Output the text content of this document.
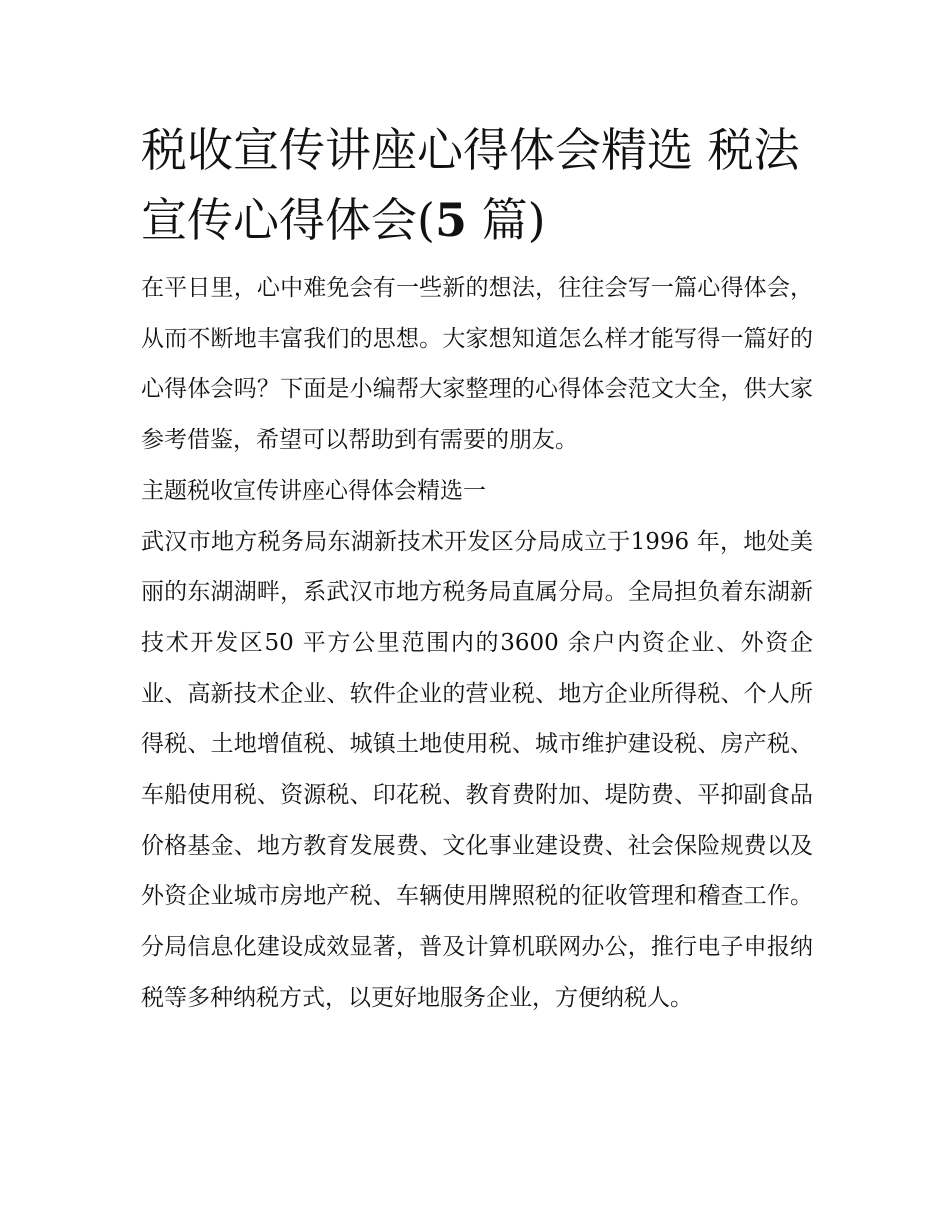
税收宣传讲座心得体会精选 税法宣传心得体会(5 篇)

在平日里，心中难免会有一些新的想法，往往会写一篇心得体会，从而不断地丰富我们的思想。大家想知道怎么样才能写得一篇好的心得体会吗？下面是小编帮大家整理的心得体会范文大全，供大家参考借鉴，希望可以帮助到有需要的朋友。

主题税收宣传讲座心得体会精选一

武汉市地方税务局东湖新技术开发区分局成立于1996 年，地处美丽的东湖湖畔，系武汉市地方税务局直属分局。全局担负着东湖新技术开发区50 平方公里范围内的3600 余户内资企业、外资企业、高新技术企业、软件企业的营业税、地方企业所得税、个人所得税、土地增值税、城镇土地使用税、城市维护建设税、房产税、车船使用税、资源税、印花税、教育费附加、堤防费、平抑副食品价格基金、地方教育发展费、文化事业建设费、社会保险规费以及外资企业城市房地产税、车辆使用牌照税的征收管理和稽查工作。分局信息化建设成效显著，普及计算机联网办公，推行电子申报纳税等多种纳税方式，以更好地服务企业，方便纳税人。
